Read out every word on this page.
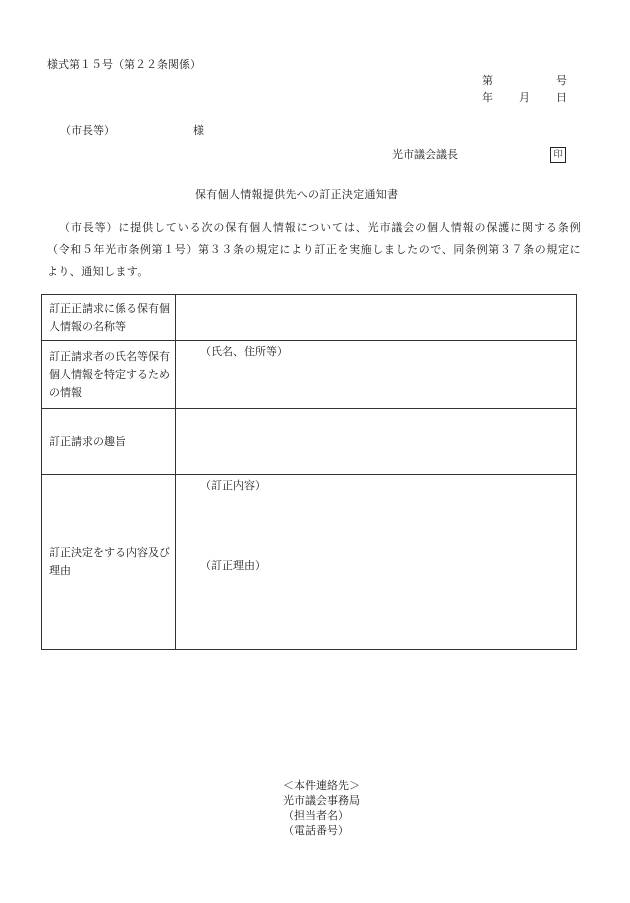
様式第１５号（第２２条関係）
第	号
年 月 日
（市長等）	様
光市議会議長	印
保有個人情報提供先への訂正決定通知書
（市長等）に提供している次の保有個人情報については、光市議会の個人情報の保護に関する条例（令和５年光市条例第１号）第３３条の規定により訂正を実施しましたので、同条例第３７条の規定により、通知します。
訂正正請求に係る保有個人情報の名称等	
訂正請求者の氏名等保有個人情報を特定するための情報	（氏名、住所等）
訂正請求の趣旨	
訂正決定をする内容及び理由	（訂正内容）
（訂正理由）
＜本件連絡先＞
光市議会事務局
（担当者名）
（電話番号）
